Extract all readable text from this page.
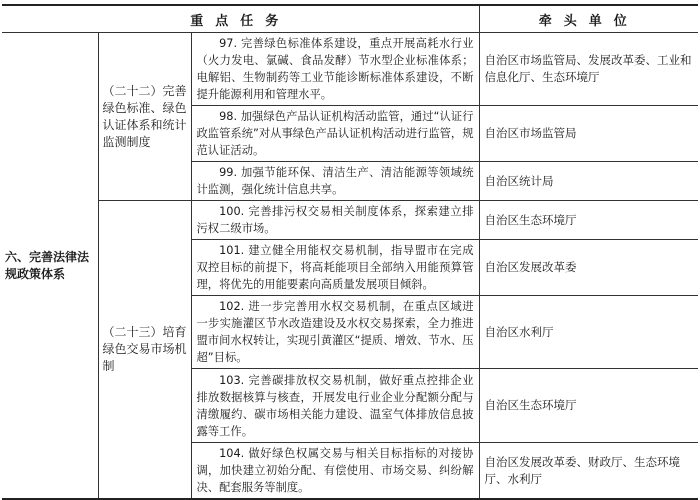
重点任务			牵头单位
六、完善法律法规政策体系	（二十二）完善绿色标准、绿色认证体系和统计监测制度	97. 完善绿色标准体系建设，重点开展高耗水行业（火力发电、氯碱、食品发酵）节水型企业标准体系；电解铝、生物制药等工业节能诊断标准体系建设，不断提升能源利用和管理水平。	自治区市场监管局、发展改革委、工业和信息化厅、生态环境厅
		98. 加强绿色产品认证机构活动监管，通过“认证行政监管系统”对从事绿色产品认证机构活动进行监管，规范认证活动。	自治区市场监管局
		99. 加强节能环保、清洁生产、清洁能源等领域统计监测，强化统计信息共享。	自治区统计局
	（二十三）培育绿色交易市场机制	100. 完善排污权交易相关制度体系，探索建立排污权二级市场。	自治区生态环境厅
		101. 建立健全用能权交易机制，指导盟市在完成双控目标的前提下，将高耗能项目全部纳入用能预算管理，将优先的用能要素向高质量发展项目倾斜。	自治区发展改革委
		102. 进一步完善用水权交易机制，在重点区域进一步实施灌区节水改造建设及水权交易探索，全力推进盟市间水权转让，实现引黄灌区“提质、增效、节水、压超”目标。	自治区水利厅
		103. 完善碳排放权交易机制，做好重点控排企业排放数据核算与核查，开展发电行业企业分配额分配与清缴履约、碳市场相关能力建设、温室气体排放信息披露等工作。	自治区生态环境厅
		104. 做好绿色权属交易与相关目标指标的对接协调，加快建立初始分配、有偿使用、市场交易、纠纷解决、配套服务等制度。	自治区发展改革委、财政厅、生态环境厅、水利厅
